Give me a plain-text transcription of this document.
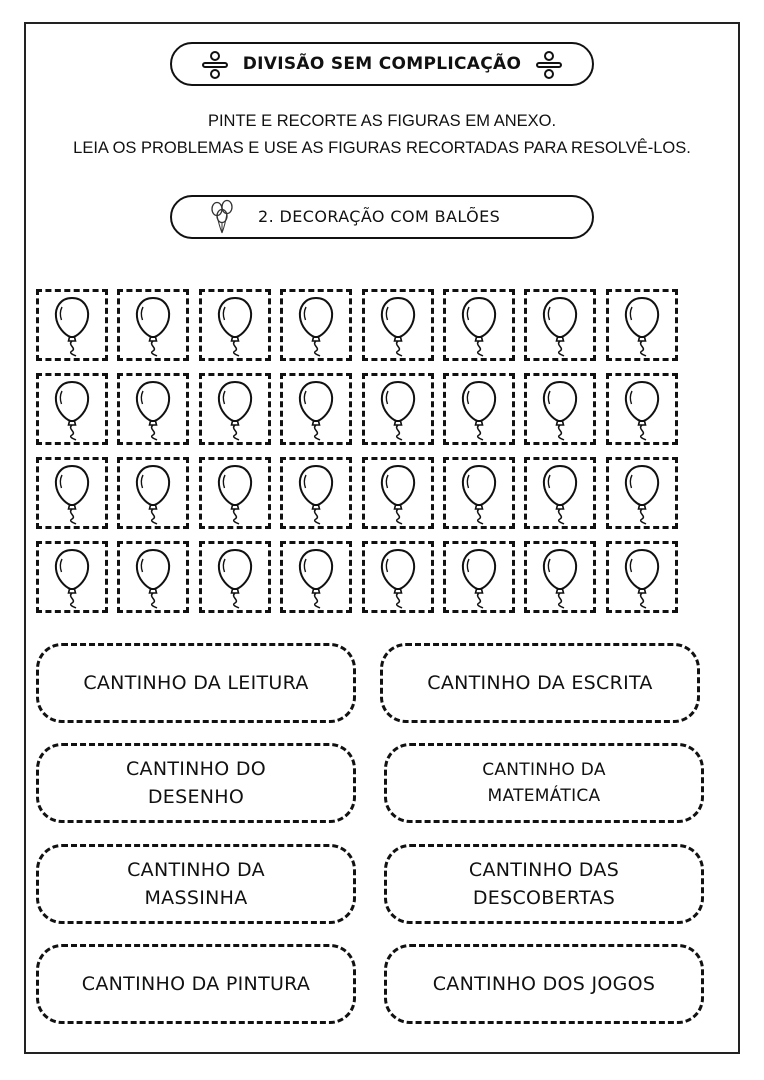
DIVISÃO SEM COMPLICAÇÃO
PINTE E RECORTE AS FIGURAS EM ANEXO.
LEIA OS PROBLEMAS E USE AS FIGURAS RECORTADAS PARA RESOLVÊ-LOS.
2. DECORAÇÃO COM BALÕES
CANTINHO DA LEITURA	CANTINHO DA ESCRITA
CANTINHO DO
DESENHO
CANTINHO DA
MATEMÁTICA
CANTINHO DA
MASSINHA
CANTINHO DAS
DESCOBERTAS
CANTINHO DA PINTURA	CANTINHO DOS JOGOS
